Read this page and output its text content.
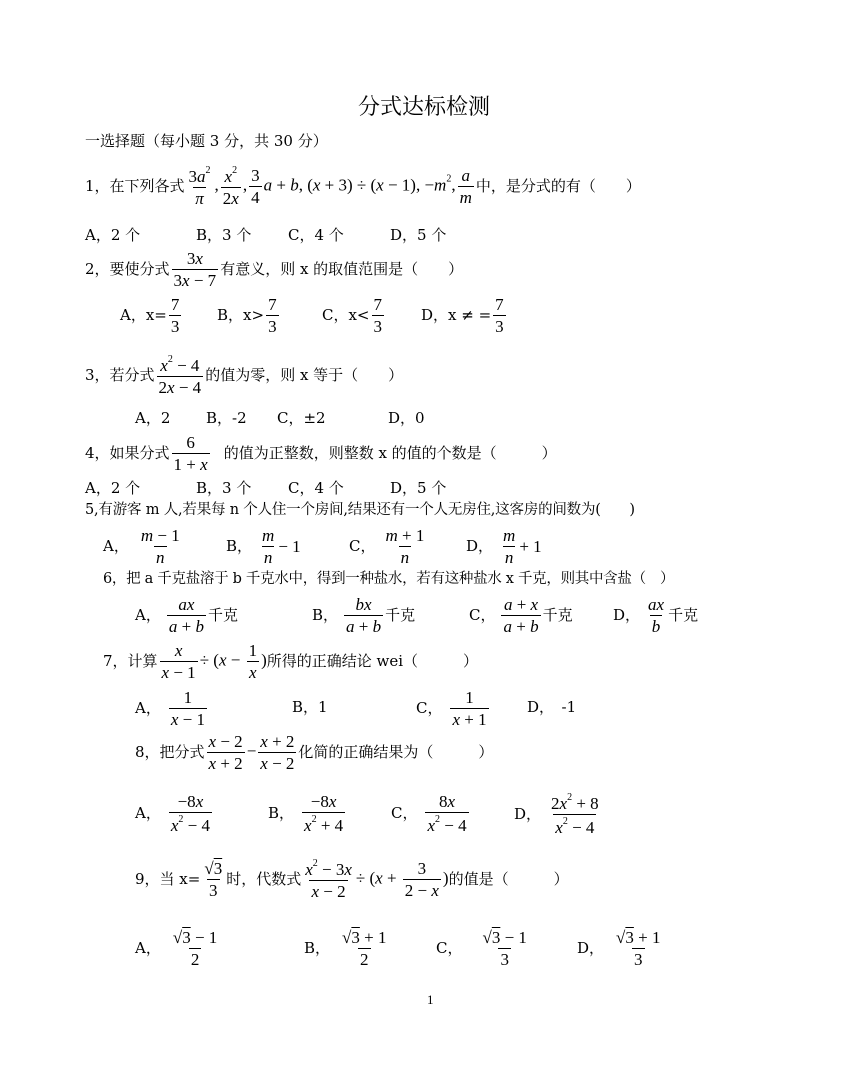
分式达标检测
一选择题（每小题 3 分，共 30 分）
1，在下列各式 $\frac{3a^2}{\pi}$ , $\frac{x^2}{2x}$ , $\frac{3}{4}$ a + b, (x + 3) ÷ (x − 1), $-m^2$, $\frac{a}{m}$ 中，是分式的有（　　）
A，2 个	B，3 个 C，4 个	D，5 个
2，要使分式 $\frac{3x}{3x - 7}$ 有意义，则 x 的取值范围是（　　）
A，$x= \frac{7}{3}$ B，$x> \frac{7}{3}$	C，$x< \frac{7}{3}$ D，x ≠ = $\frac{7}{3}$
3，若分式 $\frac{x^2 - 4}{2x - 4}$ 的值为零，则 x 等于（　　）
A，2 B，-2 C，±2	D，0
4，如果分式 $\frac{6}{1 + x}$ 的值为正整数，则整数 x 的值的个数是（　　　）
A，2 个	B，3 个 C，4 个	D，5 个
5,有游客 m 人,若果每 n 个人住一个房间,结果还有一个人无房住,这客房的间数为(　　)
A， $\frac{m - 1}{n}$	B， $\frac{m}{n} - 1$	C， $\frac{m + 1}{n}$	D， $\frac{m}{n} + 1$
6，把 a 千克盐溶于 b 千克水中，得到一种盐水，若有这种盐水 x 千克，则其中含盐（　）
A， $\frac{ax}{a + b}$ 千克	B， $\frac{bx}{a + b}$ 千克	C， $\frac{a + x}{a + b}$ 千克	D， $\frac{ax}{b}$ 千克
7，计算 $\frac{x}{x - 1} \div (x - \frac{1}{x}$ ) 所得的正确结论 wei（　　　）
A， $\frac{1}{x - 1}$	B，1	C， $\frac{1}{x + 1}$	D，　-1
8，把分式 $\frac{x - 2}{x + 2} - \frac{x + 2}{x - 2}$ 化简的正确结果为（　　　）
A， $\frac{-8x}{x^2 - 4}$	B， $\frac{-8x}{x^2 + 4}$	C， $\frac{8x}{x^2 - 4}$	D， $\frac{2x^2 + 8}{x^2 - 4}$
9，当 $x= \frac{√3}{3}$ 时，代数式 $\frac{x^2 - 3x}{x - 2} \div (x + \frac{3}{2 - x}$ ) 的值是（　　　）
A， $\frac{√3 - 1}{2}$	B， $\frac{√3 + 1}{2}$	C， $\frac{√3 - 1}{3}$	D， $\frac{√3 + 1}{3}$
1
